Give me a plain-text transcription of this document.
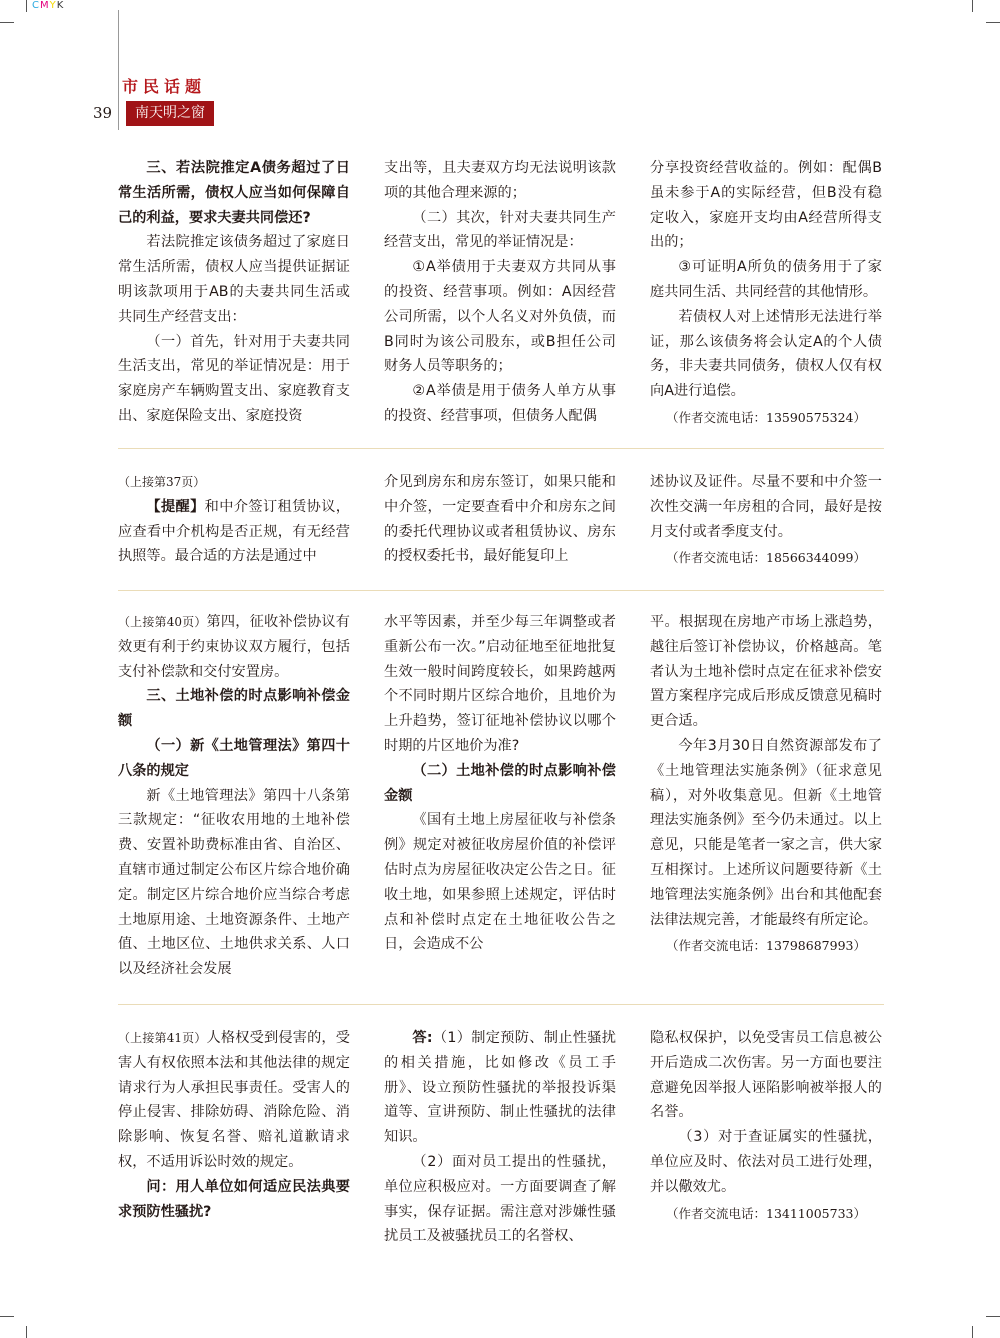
CMYK
市民话题
39	南天明之窗

三、若法院推定A债务超过了日常生活所需，债权人应当如何保障自己的利益，要求夫妻共同偿还?

若法院推定该债务超过了家庭日常生活所需，债权人应当提供证据证明该款项用于AB的夫妻共同生活或共同生产经营支出：

（一）首先，针对用于夫妻共同生活支出，常见的举证情况是：用于家庭房产车辆购置支出、家庭教育支出、家庭保险支出、家庭投资

支出等，且夫妻双方均无法说明该款项的其他合理来源的；

（二）其次，针对夫妻共同生产经营支出，常见的举证情况是：

①A举债用于夫妻双方共同从事的投资、经营事项。例如：A因经营公司所需，以个人名义对外负债，而B同时为该公司股东，或B担任公司财务人员等职务的；

②A举债是用于债务人单方从事的投资、经营事项，但债务人配偶

分享投资经营收益的。例如：配偶B虽未参于A的实际经营，但B没有稳定收入，家庭开支均由A经营所得支出的；

③可证明A所负的债务用于了家庭共同生活、共同经营的其他情形。

若债权人对上述情形无法进行举证，那么该债务将会认定A的个人债务，非夫妻共同债务，债权人仅有权向A进行追偿。

（作者交流电话：13590575324）

介见到房东和房东签订，如果只能和中介签，一定要查看中介和房东之间的委托代理协议或者租赁协议、房东的授权委托书，最好能复印上

（上接第37页）

【提醒】和中介签订租赁协议，应查看中介机构是否正规，有无经营执照等。最合适的方法是通过中

述协议及证件。尽量不要和中介签一次性交满一年房租的合同，最好是按月支付或者季度支付。

（作者交流电话：18566344099）

（上接第40页）第四，征收补偿协议有效更有利于约束协议双方履行，包括支付补偿款和交付安置房。

三、土地补偿的时点影响补偿金额

（一）新《土地管理法》第四十八条的规定

新《土地管理法》第四十八条第三款规定：“征收农用地的土地补偿费、安置补助费标准由省、自治区、直辖市通过制定公布区片综合地价确定。制定区片综合地价应当综合考虑土地原用途、土地资源条件、土地产值、土地区位、土地供求关系、人口以及经济社会发展

水平等因素，并至少每三年调整或者重新公布一次。”启动征地至征地批复生效一般时间跨度较长，如果跨越两个不同时期片区综合地价，且地价为上升趋势，签订征地补偿协议以哪个时期的片区地价为准?

（二）土地补偿的时点影响补偿金额

《国有土地上房屋征收与补偿条例》规定对被征收房屋价值的补偿评估时点为房屋征收决定公告之日。征收土地，如果参照上述规定，评估时点和补偿时点定在土地征收公告之日，会造成不公

平。根据现在房地产市场上涨趋势，越往后签订补偿协议，价格越高。笔者认为土地补偿时点定在征求补偿安置方案程序完成后形成反馈意见稿时更合适。

今年3月30日自然资源部发布了《土地管理法实施条例》（征求意见稿），对外收集意见。但新《土地管理法实施条例》至今仍未通过。以上意见，只能是笔者一家之言，供大家互相探讨。上述所议问题要待新《土地管理法实施条例》出台和其他配套法律法规完善，才能最终有所定论。

（作者交流电话：13798687993）

（上接第41页）人格权受到侵害的，受害人有权依照本法和其他法律的规定请求行为人承担民事责任。受害人的停止侵害、排除妨碍、消除危险、消除影响、恢复名誉、赔礼道歉请求权，不适用诉讼时效的规定。

问：用人单位如何适应民法典要求预防性骚扰?

答:（1）制定预防、制止性骚扰的相关措施，比如修改《员工手册》、设立预防性骚扰的举报投诉渠道等、宣讲预防、制止性骚扰的法律知识。

（2）面对员工提出的性骚扰，单位应积极应对。一方面要调查了解事实，保存证据。需注意对涉嫌性骚扰员工及被骚扰员工的名誉权、

隐私权保护，以免受害员工信息被公开后造成二次伤害。另一方面也要注意避免因举报人诬陷影响被举报人的名誉。

（3）对于查证属实的性骚扰，单位应及时、依法对员工进行处理，并以儆效尤。

（作者交流电话：13411005733）
